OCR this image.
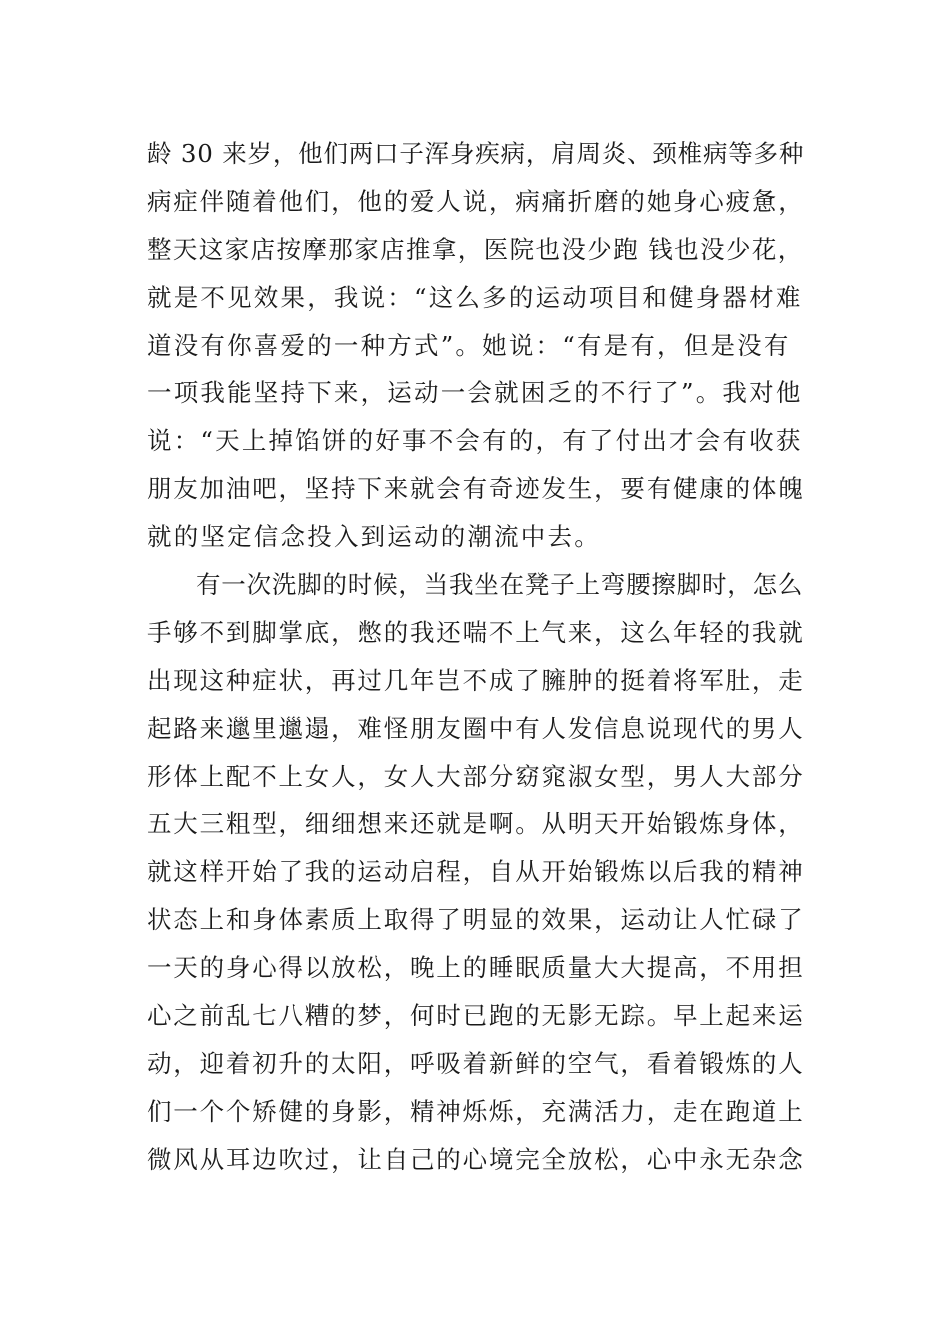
龄 30 来岁，他们两口子浑身疾病，肩周炎、颈椎病等多种
病症伴随着他们，他的爱人说，病痛折磨的她身心疲惫，
整天这家店按摩那家店推拿，医院也没少跑 钱也没少花，
就是不见效果，我说：“这么多的运动项目和健身器材难
道没有你喜爱的一种方式”。她说：“有是有，但是没有
一项我能坚持下来，运动一会就困乏的不行了”。我对他
说：“天上掉馅饼的好事不会有的，有了付出才会有收获
朋友加油吧，坚持下来就会有奇迹发生，要有健康的体魄
就的坚定信念投入到运动的潮流中去。
有一次洗脚的时候，当我坐在凳子上弯腰擦脚时，怎么
手够不到脚掌底，憋的我还喘不上气来，这么年轻的我就
出现这种症状，再过几年岂不成了臃肿的挺着将军肚，走
起路来邋里邋遢，难怪朋友圈中有人发信息说现代的男人
形体上配不上女人，女人大部分窈窕淑女型，男人大部分
五大三粗型，细细想来还就是啊。从明天开始锻炼身体，
就这样开始了我的运动启程，自从开始锻炼以后我的精神
状态上和身体素质上取得了明显的效果，运动让人忙碌了
一天的身心得以放松，晚上的睡眠质量大大提高，不用担
心之前乱七八糟的梦，何时已跑的无影无踪。早上起来运
动，迎着初升的太阳，呼吸着新鲜的空气，看着锻炼的人
们一个个矫健的身影，精神烁烁，充满活力，走在跑道上
微风从耳边吹过，让自己的心境完全放松，心中永无杂念
